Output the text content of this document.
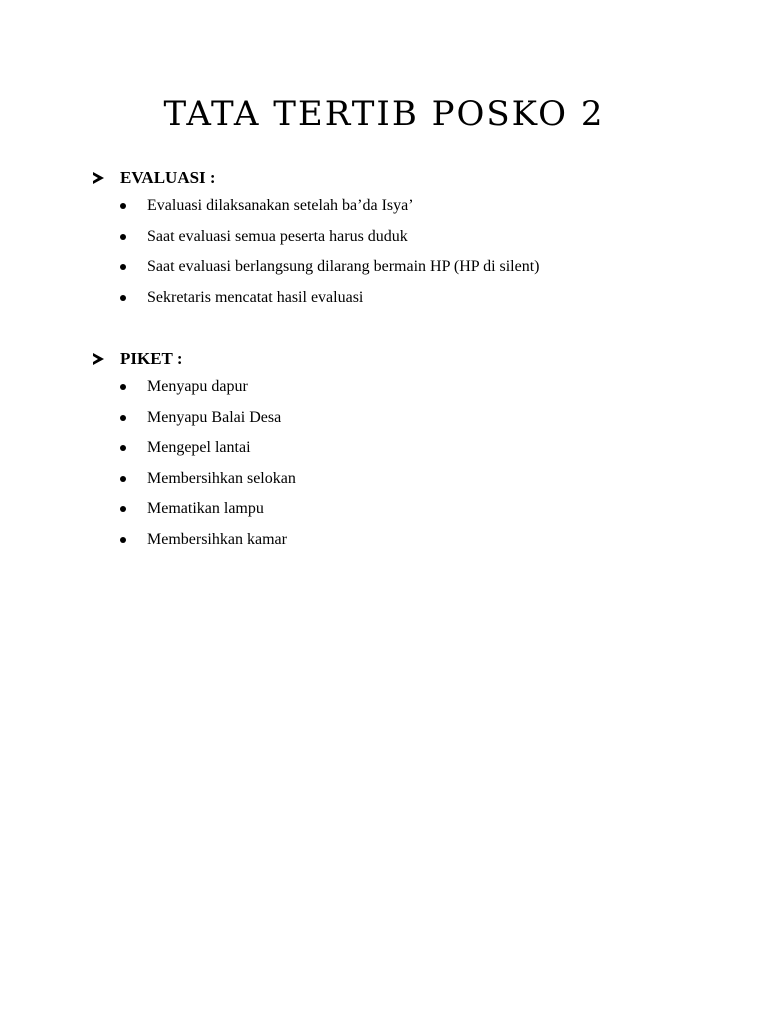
TATA TERTIB POSKO 2
EVALUASI :
Evaluasi dilaksanakan setelah ba’da Isya’
Saat evaluasi semua peserta harus duduk
Saat evaluasi berlangsung dilarang bermain HP (HP di silent)
Sekretaris mencatat hasil evaluasi
PIKET :
Menyapu dapur
Menyapu Balai Desa
Mengepel lantai
Membersihkan selokan
Mematikan lampu
Membersihkan kamar
